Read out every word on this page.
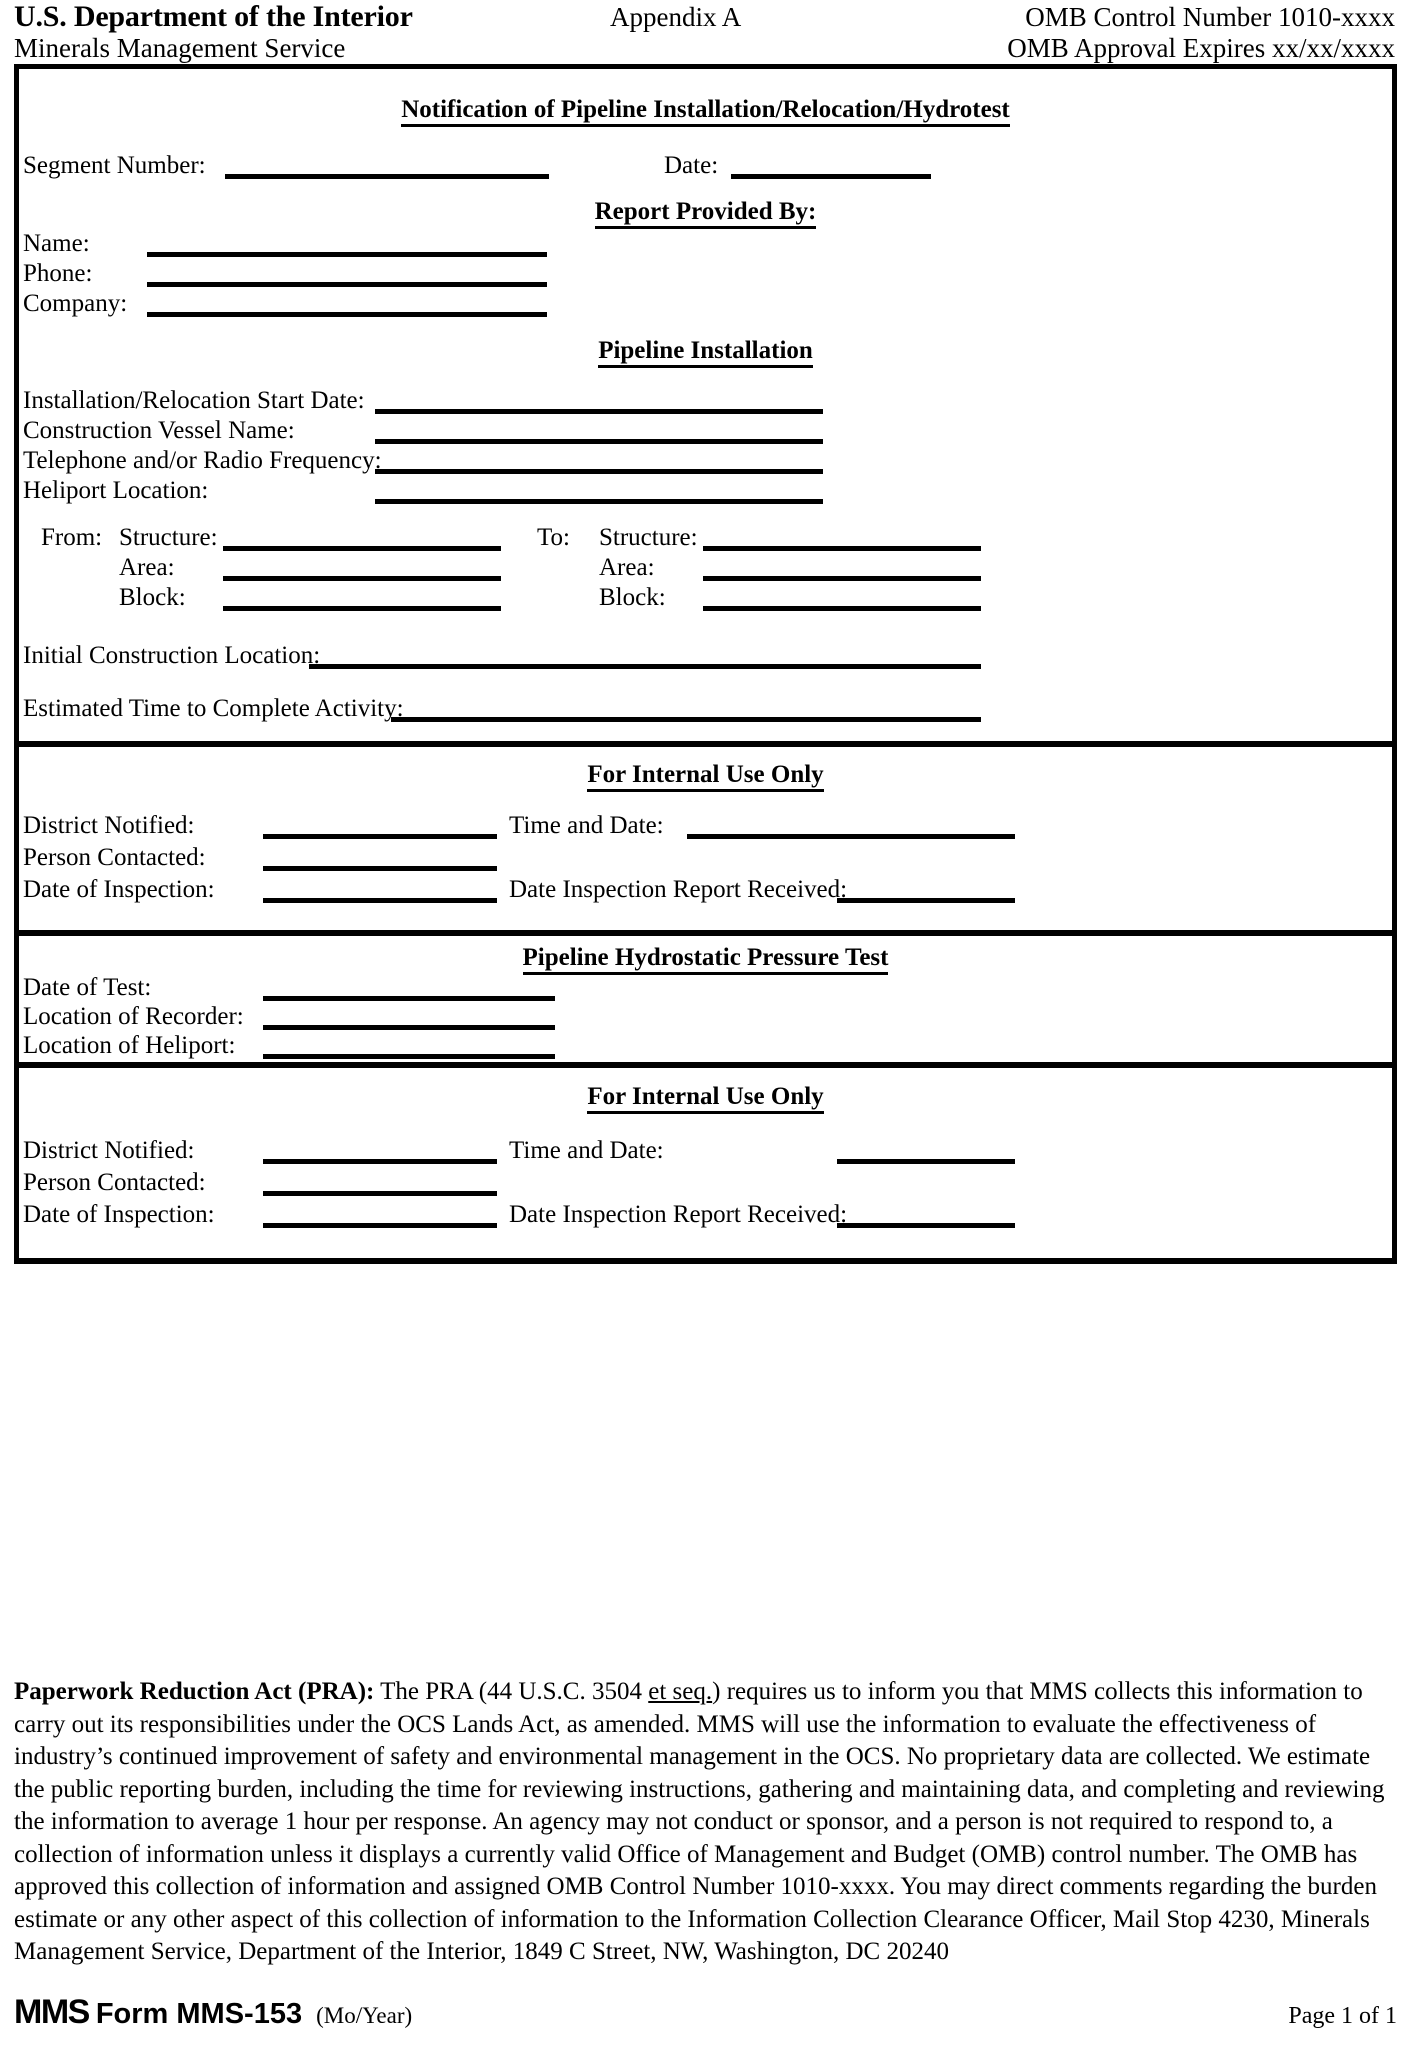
U.S. Department of the Interior	Appendix A	OMB Control Number 1010-xxxx
Minerals Management Service	OMB Approval Expires xx/xx/xxxx
Notification of Pipeline Installation/Relocation/Hydrotest
Segment Number:	Date:
Report Provided By:
Name:
Phone:
Company:
Pipeline Installation
Installation/Relocation Start Date:
Construction Vessel Name:
Telephone and/or Radio Frequency:
Heliport Location:
From: Structure:
Area:
Block:
To: Structure:
Area:
Block:
Initial Construction Location:
Estimated Time to Complete Activity:
For Internal Use Only
District Notified:	Time and Date:
Person Contacted:
Date of Inspection:	Date Inspection Report Received:
Pipeline Hydrostatic Pressure Test
Date of Test:
Location of Recorder:
Location of Heliport:
For Internal Use Only
District Notified:	Time and Date:
Person Contacted:
Date of Inspection:	Date Inspection Report Received:
Paperwork Reduction Act (PRA): The PRA (44 U.S.C. 3504 et seq.) requires us to inform you that MMS collects this information to carry out its responsibilities under the OCS Lands Act, as amended. MMS will use the information to evaluate the effectiveness of industry’s continued improvement of safety and environmental management in the OCS. No proprietary data are collected. We estimate the public reporting burden, including the time for reviewing instructions, gathering and maintaining data, and completing and reviewing the information to average 1 hour per response. An agency may not conduct or sponsor, and a person is not required to respond to, a collection of information unless it displays a currently valid Office of Management and Budget (OMB) control number. The OMB has approved this collection of information and assigned OMB Control Number 1010-xxxx. You may direct comments regarding the burden estimate or any other aspect of this collection of information to the Information Collection Clearance Officer, Mail Stop 4230, Minerals Management Service, Department of the Interior, 1849 C Street, NW, Washington, DC 20240
MMS Form MMS-153 (Mo/Year)	Page 1 of 1
